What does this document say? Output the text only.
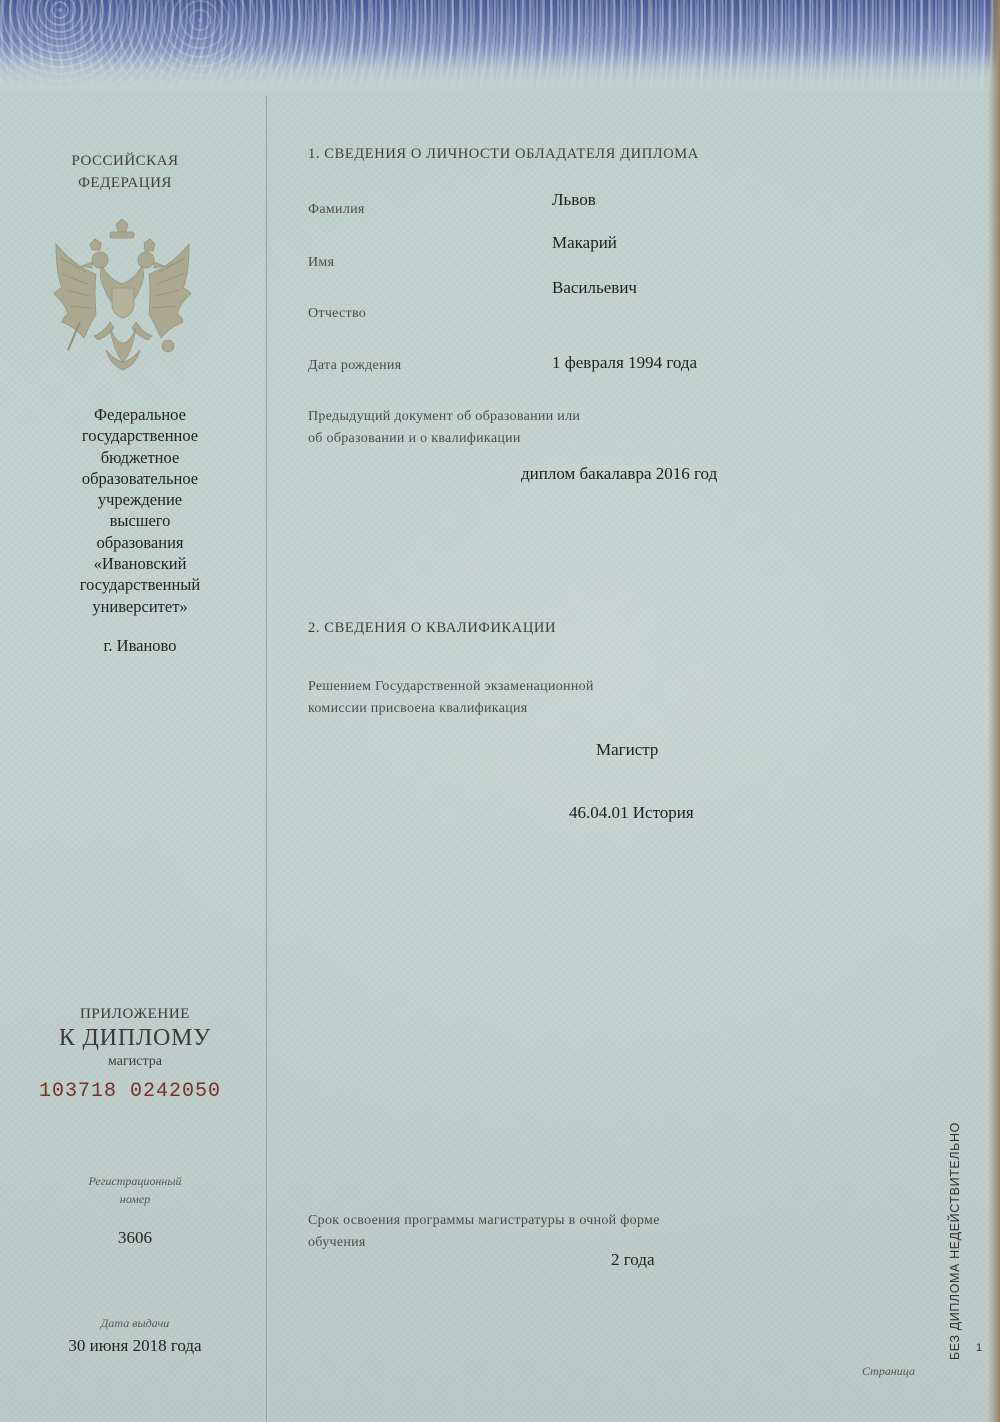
РОССИЙСКАЯ
ФЕДЕРАЦИЯ
Федеральное
государственное
бюджетное
образовательное
учреждение
высшего
образования
«Ивановский
государственный
университет»
г. Иваново
ПРИЛОЖЕНИЕ
К ДИПЛОМУ
магистра
103718 0242050
Регистрационный
номер
3606
Дата выдачи
30 июня 2018 года
1. СВЕДЕНИЯ О ЛИЧНОСТИ ОБЛАДАТЕЛЯ ДИПЛОМА
Фамилия
Львов
Имя
Макарий
Отчество
Васильевич
Дата рождения	1 февраля 1994 года
Предыдущий документ об образовании или
об образовании и о квалификации
диплом бакалавра 2016 год
2. СВЕДЕНИЯ О КВАЛИФИКАЦИИ
Решением Государственной экзаменационной
комиссии присвоена квалификация
Магистр
46.04.01 История
Срок освоения программы магистратуры в очной форме
обучения
2 года	БЕЗ ДИПЛОМА НЕДЕЙСТВИТЕЛЬНО
Страница
1
